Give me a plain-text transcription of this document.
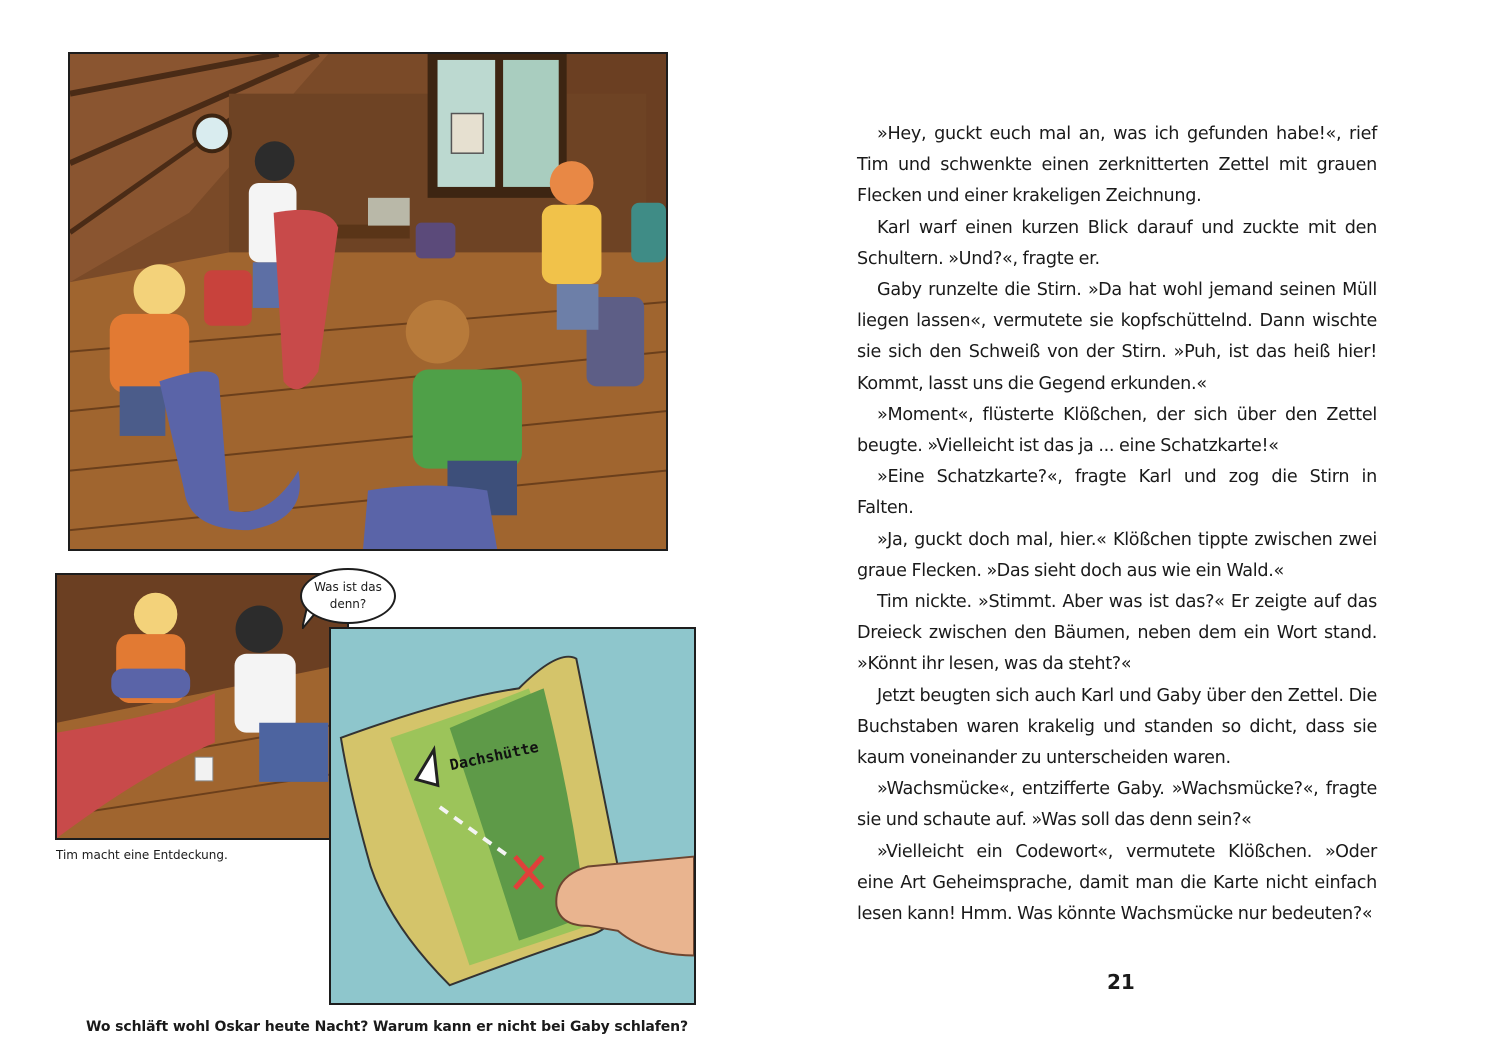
Dachshütte
Was ist das denn?
Tim macht eine Entdeckung.
Wo schläft wohl Oskar heute Nacht? Warum kann er nicht bei Gaby schlafen?

»Hey, guckt euch mal an, was ich gefunden habe!«, rief Tim und schwenkte einen zerknitterten Zettel mit grauen Flecken und einer krakeligen Zeichnung.

Karl warf einen kurzen Blick darauf und zuckte mit den Schultern. »Und?«, fragte er.

Gaby runzelte die Stirn. »Da hat wohl jemand seinen Müll liegen lassen«, vermutete sie kopfschüttelnd. Dann wischte sie sich den Schweiß von der Stirn. »Puh, ist das heiß hier! Kommt, lasst uns die Gegend erkunden.«

»Moment«, flüsterte Klößchen, der sich über den Zettel beugte. »Vielleicht ist das ja ... eine Schatzkarte!«

»Eine Schatzkarte?«, fragte Karl und zog die Stirn in Falten.

»Ja, guckt doch mal, hier.« Klößchen tippte zwischen zwei graue Flecken. »Das sieht doch aus wie ein Wald.«

Tim nickte. »Stimmt. Aber was ist das?« Er zeigte auf das Dreieck zwischen den Bäumen, neben dem ein Wort stand. »Könnt ihr lesen, was da steht?«

Jetzt beugten sich auch Karl und Gaby über den Zettel. Die Buchstaben waren krakelig und standen so dicht, dass sie kaum voneinander zu unterscheiden waren.

»Wachsmücke«, entzifferte Gaby. »Wachsmücke?«, fragte sie und schaute auf. »Was soll das denn sein?«

»Vielleicht ein Codewort«, vermutete Klößchen. »Oder eine Art Geheimsprache, damit man die Karte nicht einfach lesen kann! Hmm. Was könnte Wachsmücke nur bedeuten?«

21
